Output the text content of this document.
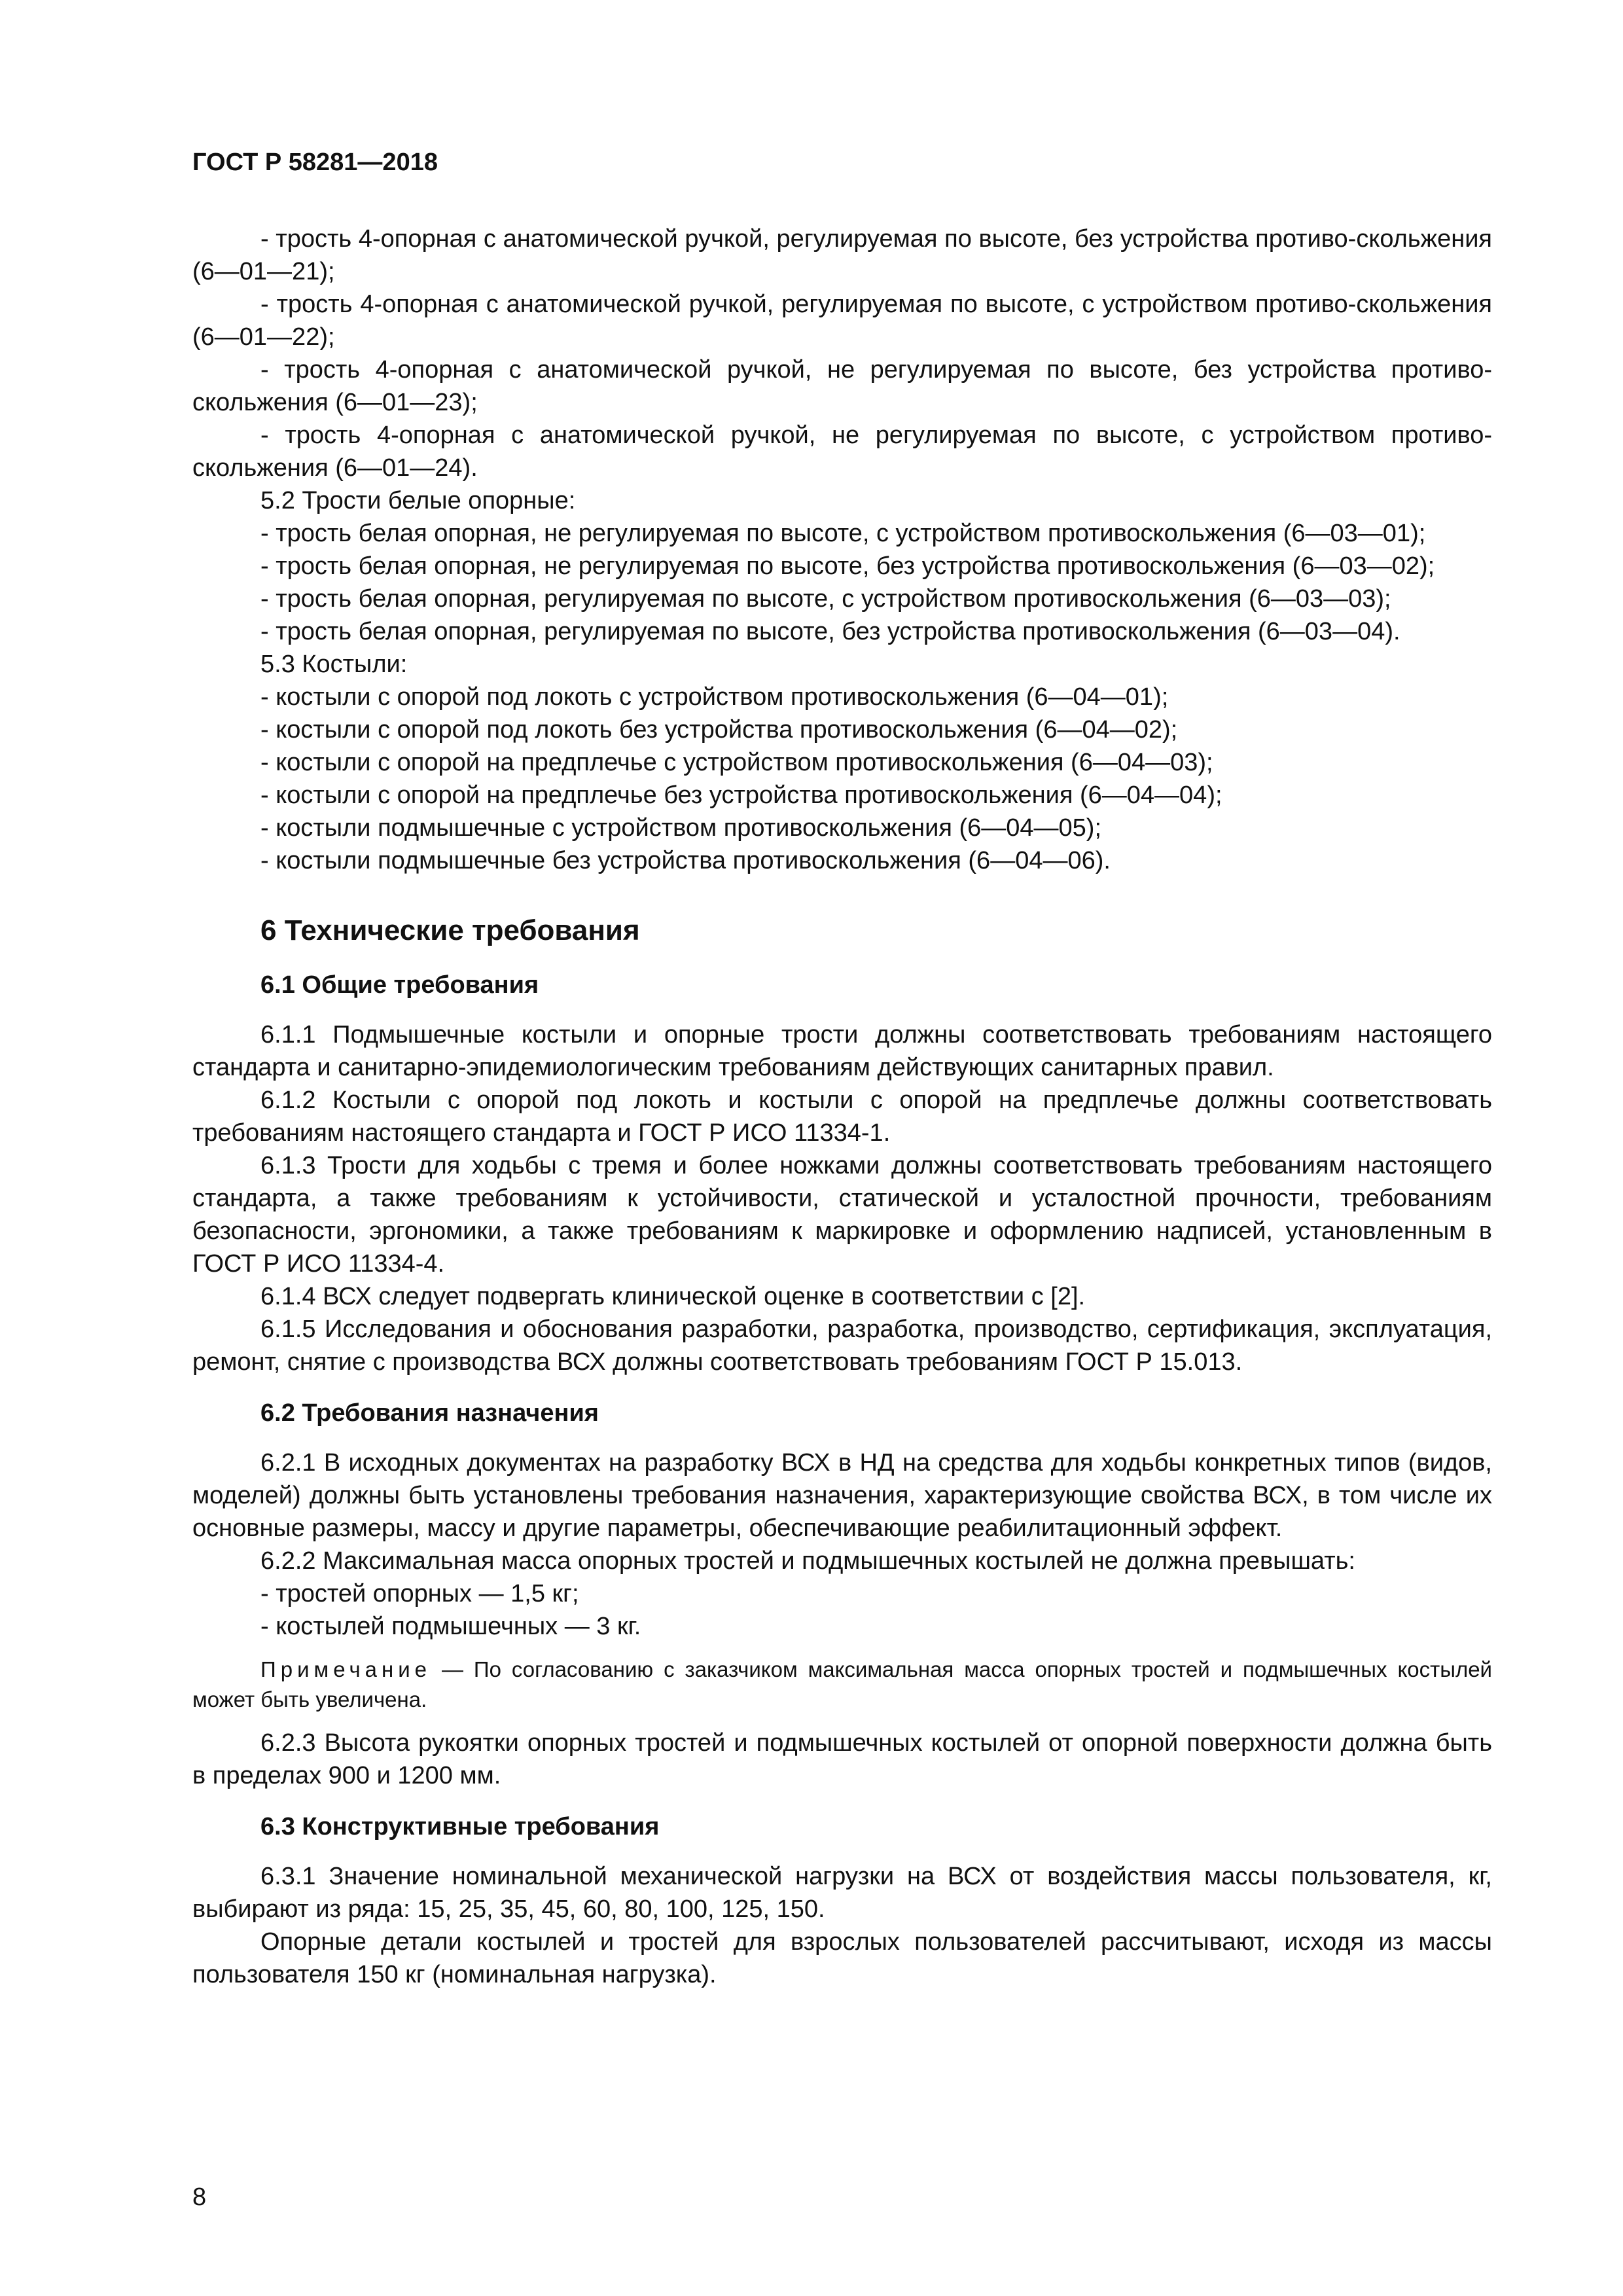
ГОСТ Р 58281—2018

- трость 4-опорная с анатомической ручкой, регулируемая по высоте, без устройства противо-скольжения (6—01—21);

- трость 4-опорная с анатомической ручкой, регулируемая по высоте, с устройством противо-скольжения (6—01—22);

- трость 4-опорная с анатомической ручкой, не регулируемая по высоте, без устройства противо-скольжения (6—01—23);

- трость 4-опорная с анатомической ручкой, не регулируемая по высоте, с устройством противо-скольжения (6—01—24).

5.2 Трости белые опорные:

- трость белая опорная, не регулируемая по высоте, с устройством противоскольжения (6—03—01);

- трость белая опорная, не регулируемая по высоте, без устройства противоскольжения (6—03—02);

- трость белая опорная, регулируемая по высоте, с устройством противоскольжения (6—03—03);

- трость белая опорная, регулируемая по высоте, без устройства противоскольжения (6—03—04).

5.3 Костыли:

- костыли с опорой под локоть с устройством противоскольжения (6—04—01);

- костыли с опорой под локоть без устройства противоскольжения (6—04—02);

- костыли с опорой на предплечье с устройством противоскольжения (6—04—03);

- костыли с опорой на предплечье без устройства противоскольжения (6—04—04);

- костыли подмышечные с устройством противоскольжения (6—04—05);

- костыли подмышечные без устройства противоскольжения (6—04—06).

6 Технические требования
6.1 Общие требования

6.1.1 Подмышечные костыли и опорные трости должны соответствовать требованиям настоящего стандарта и санитарно-эпидемиологическим требованиям действующих санитарных правил.

6.1.2 Костыли с опорой под локоть и костыли с опорой на предплечье должны соответствовать требованиям настоящего стандарта и ГОСТ Р ИСО 11334-1.

6.1.3 Трости для ходьбы с тремя и более ножками должны соответствовать требованиям настоящего стандарта, а также требованиям к устойчивости, статической и усталостной прочности, требованиям безопасности, эргономики, а также требованиям к маркировке и оформлению надписей, установленным в ГОСТ Р ИСО 11334-4.

6.1.4 ВСХ следует подвергать клинической оценке в соответствии с [2].

6.1.5 Исследования и обоснования разработки, разработка, производство, сертификация, эксплуатация, ремонт, снятие с производства ВСХ должны соответствовать требованиям ГОСТ Р 15.013.

6.2 Требования назначения

6.2.1 В исходных документах на разработку ВСХ в НД на средства для ходьбы конкретных типов (видов, моделей) должны быть установлены требования назначения, характеризующие свойства ВСХ, в том числе их основные размеры, массу и другие параметры, обеспечивающие реабилитационный эффект.

6.2.2 Максимальная масса опорных тростей и подмышечных костылей не должна превышать:

- тростей опорных — 1,5 кг;

- костылей подмышечных — 3 кг.

Примечание — По согласованию с заказчиком максимальная масса опорных тростей и подмышечных костылей может быть увеличена.

6.2.3 Высота рукоятки опорных тростей и подмышечных костылей от опорной поверхности должна быть в пределах 900 и 1200 мм.

6.3 Конструктивные требования

6.3.1 Значение номинальной механической нагрузки на ВСХ от воздействия массы пользователя, кг, выбирают из ряда: 15, 25, 35, 45, 60, 80, 100, 125, 150.

Опорные детали костылей и тростей для взрослых пользователей рассчитывают, исходя из массы пользователя 150 кг (номинальная нагрузка).

8
